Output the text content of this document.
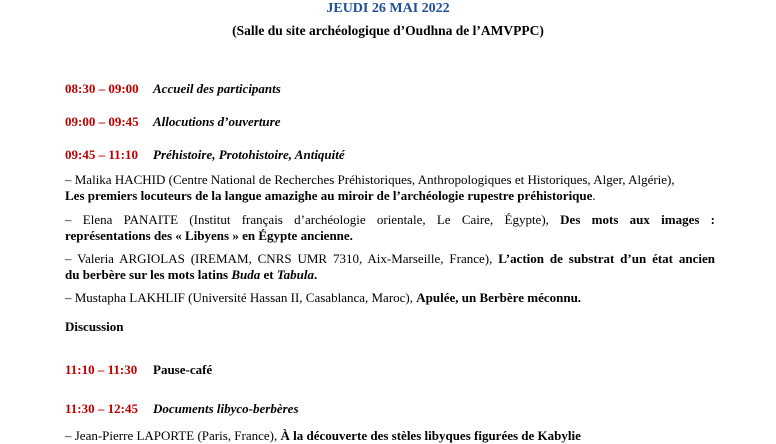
JEUDI 26 MAI 2022
(Salle du site archéologique d’Oudhna de l’AMVPPC)
08:30 – 09:00 Accueil des participants
09:00 – 09:45 Allocutions d’ouverture
09:45 – 11:10 Préhistoire, Protohistoire, Antiquité
– Malika HACHID (Centre National de Recherches Préhistoriques, Anthropologiques et Historiques, Alger, Algérie),
Les premiers locuteurs de la langue amazighe au miroir de l’archéologie rupestre préhistorique.
– Elena PANAITE (Institut français d’archéologie orientale, Le Caire, Égypte), Des mots aux images :
représentations des « Libyens » en Égypte ancienne.
– Valeria ARGIOLAS (IREMAM, CNRS UMR 7310, Aix-Marseille, France), L’action de substrat d’un état ancien
du berbère sur les mots latins Buda et Tabula.
– Mustapha LAKHLIF (Université Hassan II, Casablanca, Maroc), Apulée, un Berbère méconnu.
Discussion
11:10 – 11:30 Pause-café
11:30 – 12:45 Documents libyco-berbères
– Jean-Pierre LAPORTE (Paris, France), À la découverte des stèles libyques figurées de Kabylie
